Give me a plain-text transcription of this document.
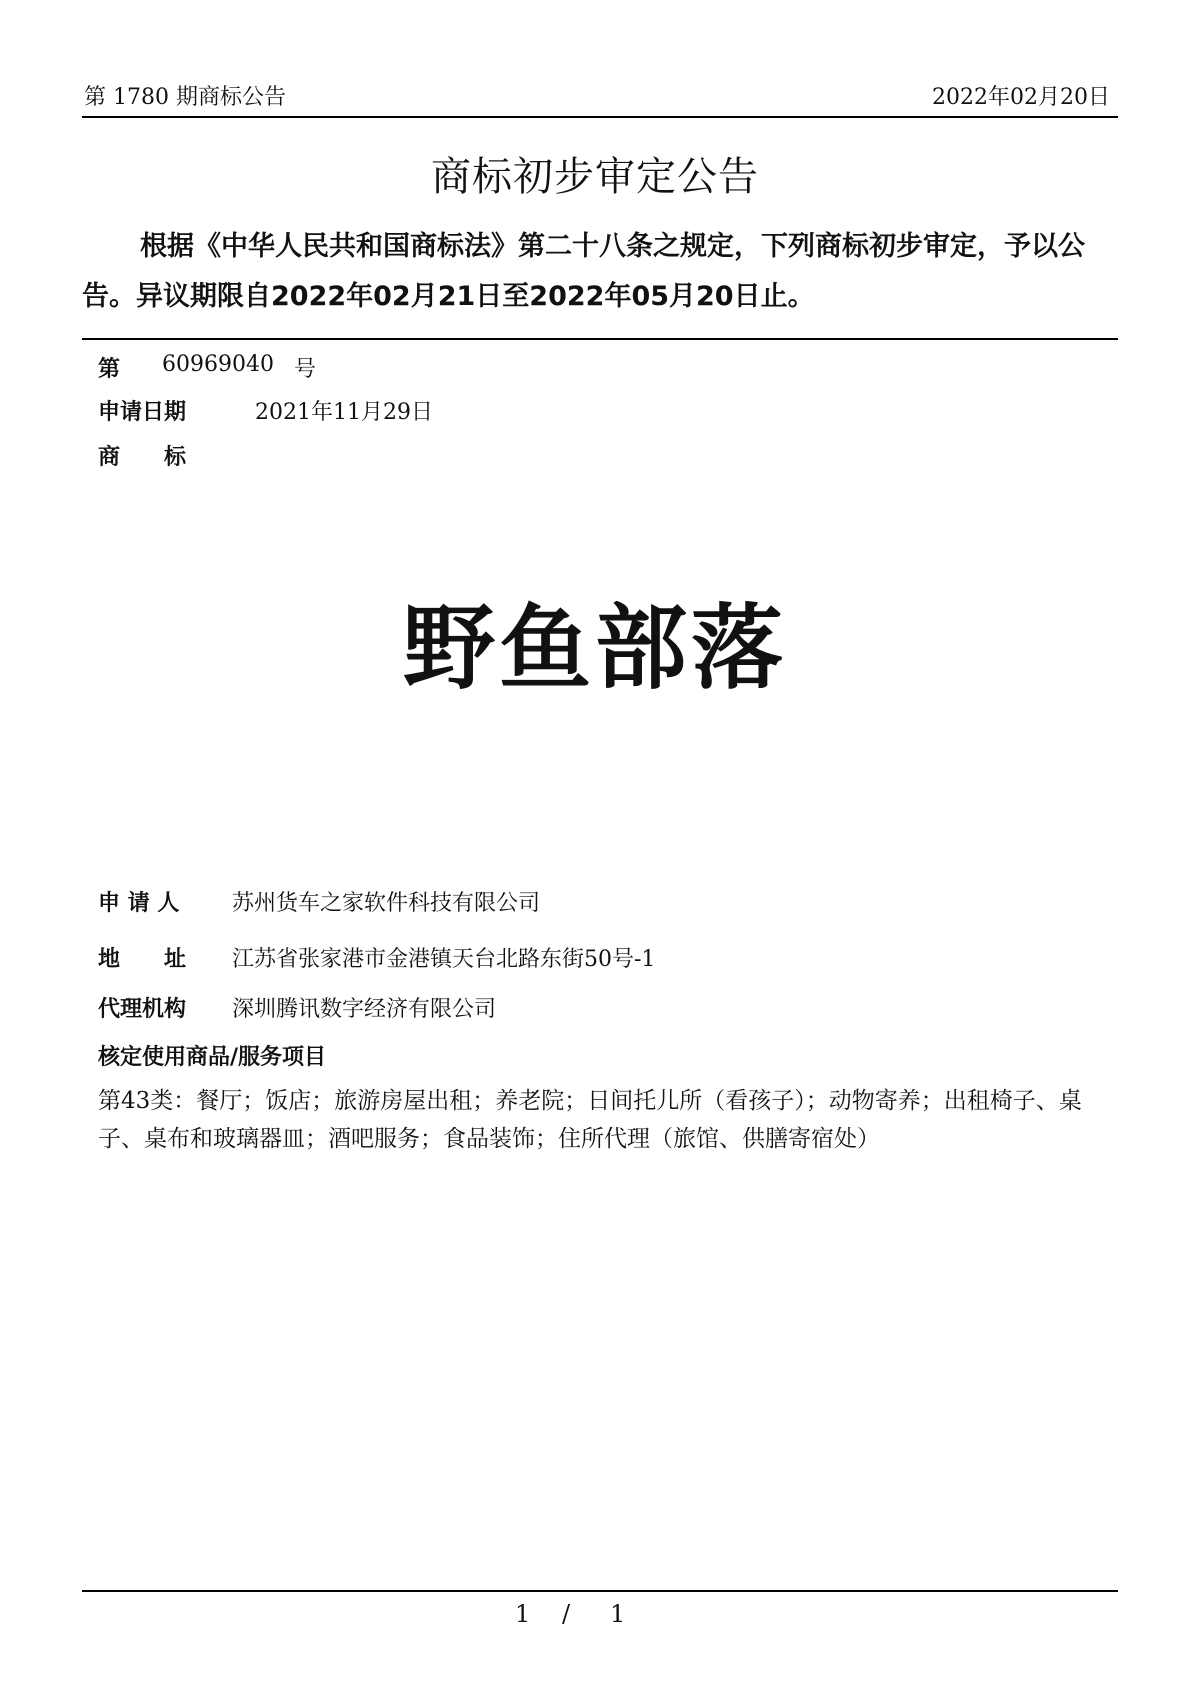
第 1780 期商标公告	2022年02月20日
商标初步审定公告
根据《中华人民共和国商标法》第二十八条之规定，下列商标初步审定，予以公告。异议期限自2022年02月21日至2022年05月20日止。
第 60969040 号
申请日期	2021年11月29日
商　　标
野鱼部落
申 请 人 苏州货车之家软件科技有限公司
地　　址 江苏省张家港市金港镇天台北路东街50号-1
代理机构 深圳腾讯数字经济有限公司
核定使用商品/服务项目
第43类：餐厅；饭店；旅游房屋出租；养老院；日间托儿所（看孩子）；动物寄养；出租椅子、桌子、桌布和玻璃器皿；酒吧服务；食品装饰；住所代理（旅馆、供膳寄宿处）
1 / 1
